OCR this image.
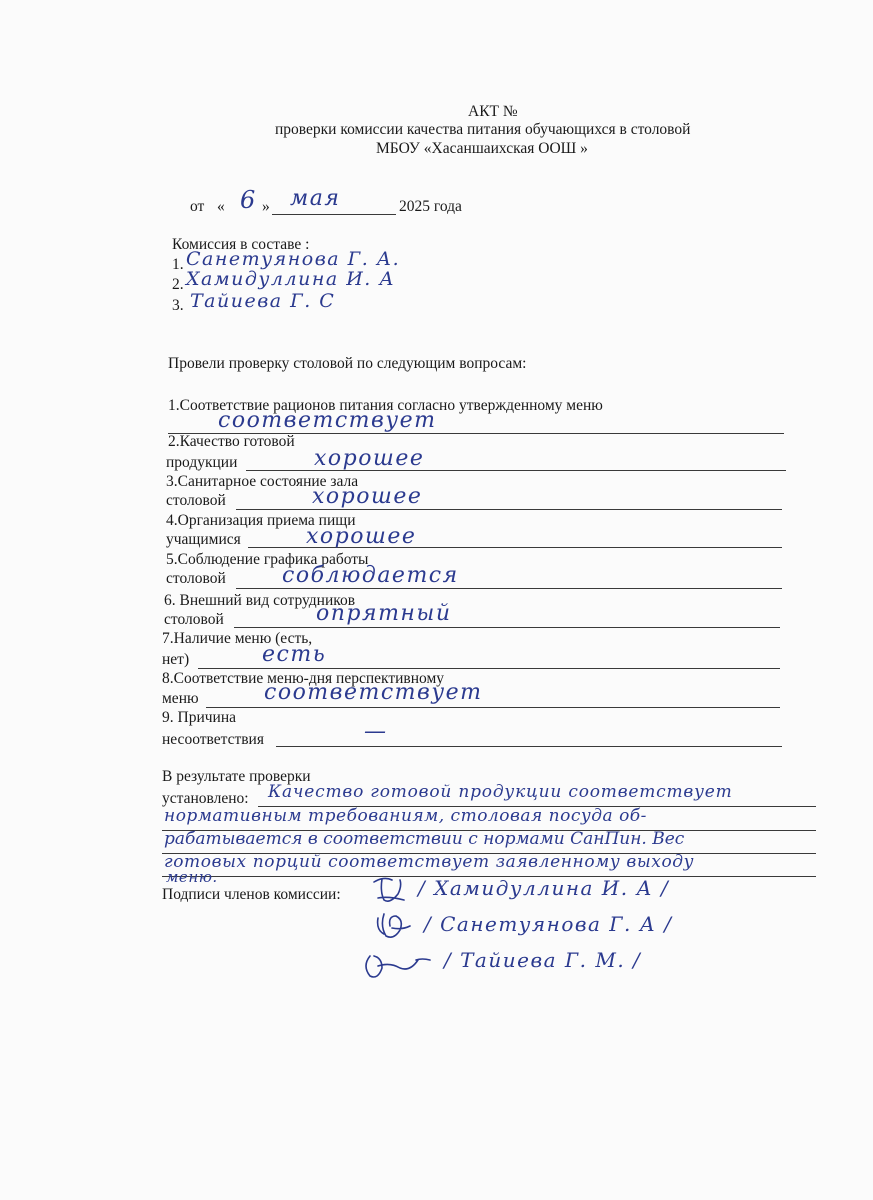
АКТ №
проверки комиссии качества питания обучающихся в столовой
МБОУ «Хасаншаихская ООШ »
от « 6 » мая	2025 года
Комиссия в составе :
1. Санетуянова Г. А.
2. Хамидуллина И. А
3. Тайиева Г. С
Провели проверку столовой по следующим вопросам:
1.Соответствие рационов питания согласно утвержденному меню
соответствует
2.Качество готовой
продукции	хорошее
3.Санитарное состояние зала
столовой	хорошее
4.Организация приема пищи
учащимися	хорошее
5.Соблюдение графика работы
столовой	соблюдается
6. Внешний вид сотрудников
столовой	опрятный
7.Наличие меню (есть,
нет)	есть
8.Соответствие меню-дня перспективному
меню	соответствует
9. Причина
несоответствия	—
В результате проверки
установлено: Качество готовой продукции соответствует
нормативным требованиям, столовая посуда об-
рабатывается в соответствии с нормами СанПин. Вес
готовых порций соответствует заявленному выходу
меню.
Подписи членов комиссии:	/ Хамидуллина И. А /
/ Санетуянова Г. А /
/ Тайиева Г. М. /
